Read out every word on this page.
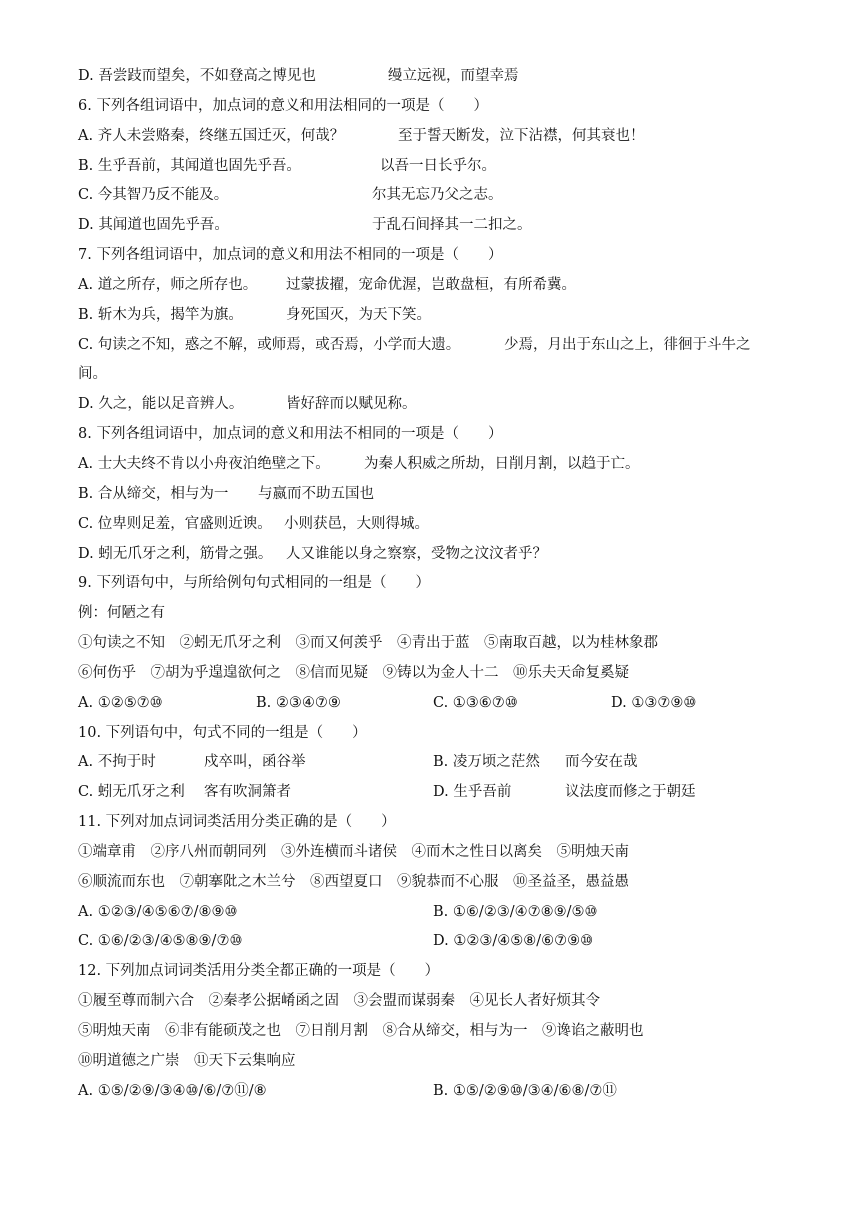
D. 吾尝跂而望矣，不如登高之博见也	缦立远视，而望幸焉
6. 下列各组词语中，加点词的意义和用法相同的一项是（　　）
A. 齐人未尝赂秦，终继五国迁灭，何哉？	至于誓天断发，泣下沾襟，何其衰也！
B. 生乎吾前，其闻道也固先乎吾。	以吾一日长乎尔。
C. 今其智乃反不能及。	尔其无忘乃父之志。
D. 其闻道也固先乎吾。	于乱石间择其一二扣之。
7. 下列各组词语中，加点词的意义和用法不相同的一项是（　　）
A. 道之所存，师之所存也。 过蒙拔擢，宠命优渥，岂敢盘桓，有所希冀。
B. 斩木为兵，揭竿为旗。	身死国灭，为天下笑。
C. 句读之不知，惑之不解，或师焉，或否焉，小学而大遗。	少焉，月出于东山之上，徘徊于斗牛之
间。
D. 久之，能以足音辨人。	皆好辞而以赋见称。
8. 下列各组词语中，加点词的意义和用法不相同的一项是（　　）
A. 士大夫终不肯以小舟夜泊绝壁之下。 为秦人积威之所劫，日削月割，以趋于亡。
B. 合从缔交，相与为一 与嬴而不助五国也
C. 位卑则足羞，官盛则近谀。 小则获邑，大则得城。
D. 蚓无爪牙之利，筋骨之强。 人又谁能以身之察察，受物之汶汶者乎？
9. 下列语句中，与所给例句句式相同的一组是（　　）
例：何陋之有
①句读之不知　②蚓无爪牙之利　③而又何羡乎　④青出于蓝　⑤南取百越，以为桂林象郡
⑥何伤乎　⑦胡为乎遑遑欲何之　⑧信而见疑　⑨铸以为金人十二　⑩乐夫天命复奚疑
A. ①②⑤⑦⑩	B. ②③④⑦⑨	C. ①③⑥⑦⑩	D. ①③⑦⑨⑩
10. 下列语句中，句式不同的一组是（　　）
A. 不拘于时	戍卒叫，函谷举	B. 凌万顷之茫然 而今安在哉
C. 蚓无爪牙之利 客有吹洞箫者	D. 生乎吾前	议法度而修之于朝廷
11. 下列对加点词词类活用分类正确的是（　　）
①端章甫　②序八州而朝同列　③外连横而斗诸侯　④而木之性日以离矣　⑤明烛天南
⑥顺流而东也　⑦朝搴阰之木兰兮　⑧西望夏口　⑨貌恭而不心服　⑩圣益圣，愚益愚
A. ①②③/④⑤⑥⑦/⑧⑨⑩	B. ①⑥/②③/④⑦⑧⑨/⑤⑩
C. ①⑥/②③/④⑤⑧⑨/⑦⑩	D. ①②③/④⑤⑧/⑥⑦⑨⑩
12. 下列加点词词类活用分类全都正确的一项是（　　）
①履至尊而制六合　②秦孝公据崤函之固　③会盟而谋弱秦　④见长人者好烦其令
⑤明烛天南　⑥非有能硕茂之也　⑦日削月割　⑧合从缔交，相与为一　⑨谗谄之蔽明也
⑩明道德之广崇　⑪天下云集响应
A. ①⑤/②⑨/③④⑩/⑥/⑦⑪/⑧	B. ①⑤/②⑨⑩/③④/⑥⑧/⑦⑪
